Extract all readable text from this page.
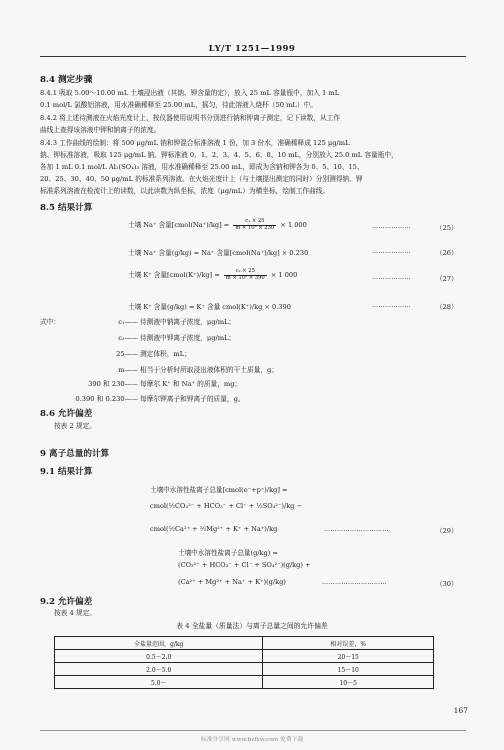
LY/T 1251—1999
8.4 测定步骤
8.4.1 吸取 5.00～10.00 mL 土壤浸出液（其钠、钾含量的定），放入 25 mL 容量瓶中，加入 1 mL
0.1 mol/L 氯酸铝溶液，用水准确稀释至 25.00 mL，摇匀，待此溶液入烧杯（50 mL）中。
8.4.2 将上述待测液在火焰光度计上，按仪器使用说明书分别进行钠和钾离子测定，记下读数，从工作
曲线上查得该溶液中钾和钠离子的浓度。
8.4.3 工作曲线的绘制：将 500 μg/mL 钠和钾混合标准溶液 1 份，加 3 份水，准确稀释成 125 μg/mL
钠、钾标准溶液，吸取 125 μg/mL 钠、钾标准液 0、1、2、3、4、5、6、8、10 mL，分别放入 25.0 mL 容量瓶中，
各加 1 mL 0.1 mol/L Al₂(SO₄)₃ 溶液，用水准确稀释至 25.00 mL，即成为含钠和钾各为 0、5、10、15、
20、25、30、40、50 μg/mL 的标准系列溶液。在火焰光度计上（与土壤提出测定的同时）分别测得钠、钾
标准系列溶液在检流计上的读数，以此读数为纵坐标，浓度（μg/mL）为横坐标，绘制工作曲线。
8.5 结果计算
土壤 Na⁺ 含量[cmol(Na⁺)/kg] = $\frac{\text{c₁ × 25}}{\text{m × 10³ × 230}} \times 1$ 000	………………	（25）
土壤 Na⁺ 含量(g/kg) = Na⁺ 含量[cmol(Na⁺)/kg] × 0.230	………………	（26）
土壤 K⁺ 含量[cmol(K⁺)/kg] = $\frac{\text{c₂ × 25}}{\text{m × 10³ × 390}} \times 1$ 000	………………	（27）
土壤 K⁺ 含量(g/kg) = K⁺ 含量 cmol(K⁺)/kg × 0.390	………………	（28）
式中：	c₁—— 待测液中钠离子浓度，μg/mL；
c₂—— 待测液中钾离子浓度，μg/mL；
25—— 测定体积，mL；
m—— 相当于分析时所取浸出液体积的干土质量，g；
390 和 230—— 每摩尔 K⁺ 和 Na⁺ 的质量，mg；
0.390 和 0.230—— 每摩尔钾离子和钾离子的质量，g。
8.6 允许偏差
按表 2 规定。
9 离子总量的计算
9.1 结果计算
土壤中水溶性盐离子总量[cmol(e⁻+p⁺)/kg] =
cmol(½CO₃²⁻ + HCO₃⁻ + Cl⁻ + ½SO₄²⁻)/kg −
cmol(½Ca²⁺ + ½Mg²⁺ + K⁺ + Na⁺)/kg	…………………………	（29）
土壤中水溶性盐离子总量(g/kg) =
(CO₃²⁻ + HCO₃⁻ + Cl⁻ + SO₄²⁻)(g/kg) +
(Ca²⁺ + Mg²⁺ + Na⁺ + K⁺)(g/kg)	…………………………	（30）
9.2 允许偏差
按表 4 规定。
表 4 全盐量（质量法）与离子总量之间的允许偏差
全盐量范围，g/kg	相对误差，%
0.5～2.0	20～15
2.0～5.0	15～10
5.0～	10～5
167
标准分享网 www.bzfxw.com 免费下载
